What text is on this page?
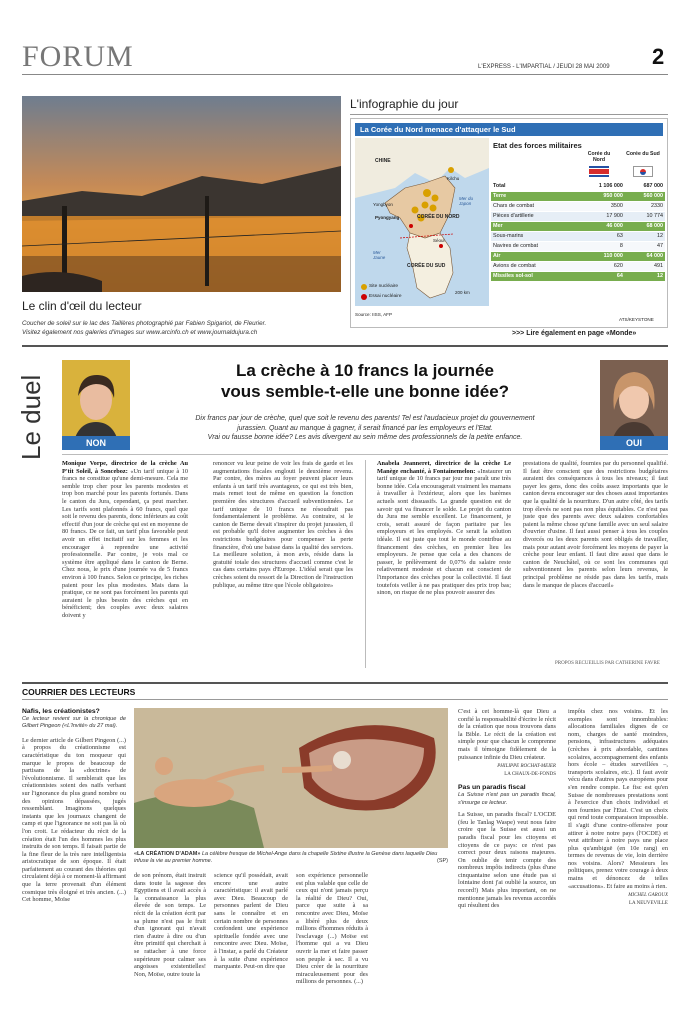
FORUM	L'EXPRESS - L'IMPARTIAL / JEUDI 28 MAI 2009 2
Le clin d'œil du lecteur
Coucher de soleil sur le lac des Taillères photographié par Fabien Spigariol, de Fleurier.
Visitez également nos galeries d'images sur www.arcinfo.ch et www.journaldujura.ch
L'infographie du jour
La Corée du Nord menace d'attaquer le Sud
CHINE
Kilchu
Mer du Japon
Yongbyon
Pyongyang	CORÉE DU NORD
Séoul
Mer Jaune
CORÉE DU SUD
Site nucléaire
Essai nucléaire
200 km
Etat des forces militaires
Corée du Nord
Corée du Sud
Total	1 106 000	687 000
Terre	950 000	560 000
Chars de combat	3500	2330
Pièces d'artillerie	17 900	10 774
Mer	46 000	68 000
Sous-marins	63	12
Navires de combat	8	47
Air	110 000	64 000
Avions de combat	620	491
Missiles sol-sol	64	12
Source: IISS, AFP
ATS/KEYSTONE
>>> Lire également en page «Monde»
Le duel	NON	OUI
La crèche à 10 francs la journée
vous semble-t-elle une bonne idée?
Dix francs par jour de crèche, quel que soit le revenu des parents! Tel est l'audacieux projet du gouvernement
jurassien. Quant au manque à gagner, il serait financé par les employeurs et l'Etat.
Vrai ou fausse bonne idée? Les avis divergent au sein même des professionnels de la petite enfance.
Monique Vorpe, directrice de la crèche Au P'tit Soleil, à Sonceboz: «Un tarif unique à 10 francs ne constitue qu'une demi-mesure. Cela me semble trop cher pour les parents modestes et trop bon marché pour les parents fortunés. Dans le canton du Jura, cependant, ça peut marcher. Les tarifs sont plafonnés à 60 francs, quel que soit le revenu des parents, donc inférieurs au coût effectif d'un jour de crèche qui est en moyenne de 80 francs. De ce fait, un tarif plus favorable peut avoir un effet incitatif sur les femmes et les encourager à reprendre une activité professionnelle. Par contre, je vois mal ce système être appliqué dans le canton de Berne. Chez nous, le prix d'une journée va de 5 francs environ à 100 francs. Selon ce principe, les riches paient pour les plus modestes. Mais dans la pratique, ce ne sont pas forcément les parents qui auraient le plus besoin des crèches qui en bénéficient; des couples avec deux salaires doivent y
renoncer vu leur peine de voir les frais de garde et les augmentations fiscales englouti le deuxième revenu. Par contre, des mères au foyer peuvent placer leurs enfants à un tarif très avantageux, ce qui est très bien, mais remet tout de même en question la fonction première des structures d'accueil subventionnées. Le tarif unique de 10 francs ne résoudrait pas fondamentalement le problème. Au contraire, si le canton de Berne devait s'inspirer du projet jurassien, il est probable qu'il doive augmenter les crèches à des restrictions budgétaires pour compenser la perte financière, d'où une baisse dans la qualité des services. La meilleure solution, à mon avis, réside dans la gratuité totale des structures d'accueil comme c'est le cas dans certains pays d'Europe. L'idéal serait que les crèches soient du ressort de la Direction de l'instruction publique, au même titre que l'école obligatoire»
Anabela Jeanneret, directrice de la crèche Le Manège enchanté, à Fontainemelon: «Instaurer un tarif unique de 10 francs par jour me paraît une très bonne idée. Cela encouragerait vraiment les mamans à travailler à l'extérieur, alors que les barèmes actuels sont dissuasifs. La grande question est de savoir qui va financer le solde. Le projet du canton du Jura me semble excellent. Le financement, je crois, serait assuré de façon paritaire par les employeurs et les employés. Ce serait la solution idéale. Il est juste que tout le monde contribue au financement des crèches, en premier lieu les employeurs. Je pense que cela a des chances de passer, le prélèvement de 0,07% du salaire reste relativement modeste et chacun est conscient de l'importance des crèches pour la collectivité. Il faut toutefois veiller à ne pas pratiquer des prix trop bas; sinon, on risque de ne plus pouvoir assurer des
prestations de qualité, fournies par du personnel qualifié. Il faut être conscient que des restrictions budgétaires auraient des conséquences à tous les niveaux; il faut payer les gens, donc des coûts assez importants que le canton devra encourager sur des choses aussi importantes que la qualité de la nourriture. D'un autre côté, des tarifs trop élevés ne sont pas non plus équitables. Ce n'est pas juste que des parents avec deux salaires confortables paient la même chose qu'une famille avec un seul salaire d'ouvrier d'usine. Il faut aussi penser à tous les couples divorcés ou les deux parents sont obligés de travailler, mais pour autant avoir forcément les moyens de payer la crèche pour leur enfant. Il faut dire aussi que dans le canton de Neuchâtel, où ce sont les communes qui subventionnent les parents selon leurs revenus, le principal problème ne réside pas dans les tarifs, mais dans le manque de places d'accueil»
PROPOS RECUEILLIS PAR CATHERINE FAVRE
COURRIER DES LECTEURS
Nafis, les créationistes?
Ce lecteur revient sur la chronique de Gilbert Pingeon («L'Invité» du 27 mai).
Le dernier article de Gilbert Pingeon (...) à propos du créationnisme est caractéristique du ton moqueur qui marque le propos de beaucoup de partisans de la «doctrine» de l'évolutionnisme. Il semblerait que les créationnistes soient des naïfs verbant sur l'ignorance du plus grand nombre ou des opinions dépassées, jugés ressemblant. Imaginons quelques instants que les journaux changent de camp et que l'ignorance ne soit pas là où l'on croit. Le rédacteur du récit de la création était l'un des hommes les plus instruits de son temps. Il faisait partie de la fine fleur de la très rare intelligentsia aristocratique de son époque. Il était parfaitement au courant des théories qui circulaient déjà à ce moment-là affirmant que la terre provenait d'un élément cosmique très éloigné et très ancien. (...) Cet homme, Moïse
«LA CRÉATION D'ADAM» La célèbre fresque de Michel-Ange dans la chapelle Sixtine illustre la Genèse dans laquelle Dieu infuse la vie au premier homme.	(SP)
de son prénom, était instruit dans toute la sagesse des Egyptiens et il avait accès à la connaissance la plus élevée de son temps. Le récit de la création écrit par sa plume n'est pas le fruit d'un ignorant qui n'avait rien d'autre à dire ou d'un être primitif qui cherchait à se rattacher à une force supérieure pour calmer ses angoisses existentielles! Non, Moïse, outre toute la
science qu'il possédait, avait encore une autre caractéristique: il avait parlé avec Dieu. Beaucoup de personnes parlent de Dieu sans le connaître et en certain nombre de personnes confondent une expérience spirituelle fondée avec une rencontre avec Dieu. Moïse, à l'instar, a parlé du Créateur à la suite d'une expérience marquante. Peut-on dire que
son expérience personnelle est plus valable que celle de ceux qui n'ont jamais perçu la réalité de Dieu? Oui, parce que suite à sa rencontre avec Dieu, Moïse a libéré plus de deux millions d'hommes réduits à l'esclavage (...) Moïse est l'homme qui a vu Dieu ouvrir la mer et faire passer son peuple à sec. Il a vu Dieu créer de la nourriture miraculeusement pour des millions de personnes. (...)
C'est à cet homme-là que Dieu a confié la responsabilité d'écrire le récit de la création que nous trouvons dans la Bible. Le récit de la création est simple pour que chacun le comprenne mais il témoigne fidèlement de la puissance infinie du Dieu créateur.
PHILIPPE ROCHAT-MEIER
LA CHAUX-DE-FONDS
Pas un paradis fiscal
La Suisse n'est pas un paradis fiscal, s'insurge ce lecteur.
La Suisse, un paradis fiscal? L'OCDE (feu le Tanlag Waspe) veut nous faire croire que la Suisse est aussi un paradis fiscal pour les citoyens et citoyens de ce pays: ce n'est pas correct pour deux raisons majeures. On oublie de tenir compte des nombreux impôts indirects (plus d'une cinquantaine selon une étude pas si lointaine dont j'ai oublié la source, un record!) Mais plus important, on ne mentionne jamais les revenus accordés qui résultent des
impôts chez nos voisins. Et les exemples sont innombrables: allocations familiales dignes de ce nom, charges de santé moindres, pensions, infrastructures adéquates (crèches à prix abordable, cantines scolaires, accompagnement des enfants hors école – études surveillées –, transports scolaires, etc.). Il faut avoir vécu dans d'autres pays européens pour s'en rendre compte. Le fisc est qu'en Suisse de nombreuses prestations sont à l'exercice d'un choix individuel et non fournies par l'Etat. C'est un choix qui rend toute comparaison impossible. Il s'agit d'une contre-offensive pour attirer à notre notre pays (l'OCDE) et veut attribuer à notre pays une place plus qu'ambiguë (en 10e rang) en termes de revenus de vie, loin derrière nos voisins. Alors? Messieurs les politiques, prenez votre courage à deux mains et dénoncez de telles «accusations». Et faire au moins à rien.
MICHEL GAROUX
LA NEUVEVILLE
